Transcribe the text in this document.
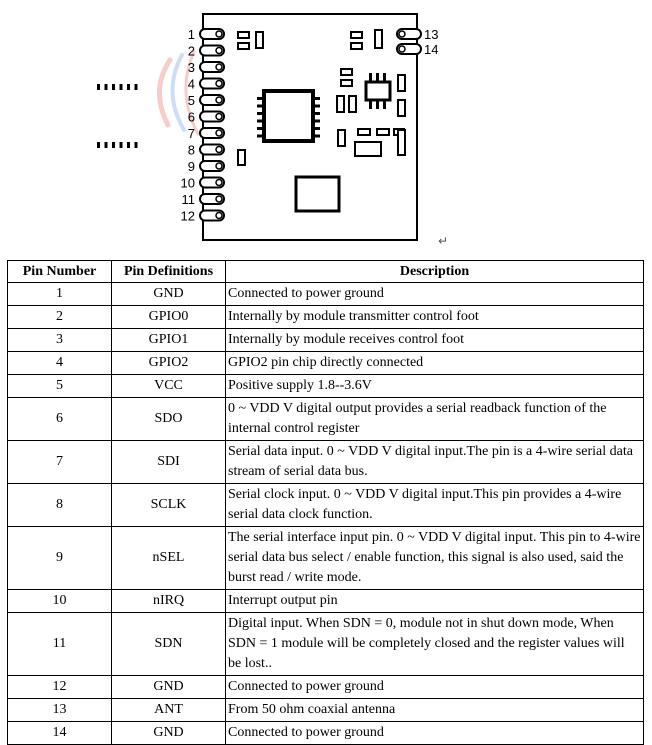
1
2
3
4
5
6
7
8
9
10
11
12
13
14
↵
Pin Number	Pin Definitions	Description
1	GND	Connected to power ground
2	GPIO0	Internally by module transmitter control foot
3	GPIO1	Internally by module receives control foot
4	GPIO2	GPIO2 pin chip directly connected
5	VCC	Positive supply 1.8--3.6V
6	SDO	0 ~ VDD V digital output provides a serial readback function of the internal control register
7	SDI	Serial data input. 0 ~ VDD V digital input.The pin is a 4-wire serial data stream of serial data bus.
8	SCLK	Serial clock input. 0 ~ VDD V digital input.This pin provides a 4-wire serial data clock function.
9	nSEL	The serial interface input pin. 0 ~ VDD V digital input. This pin to 4-wire serial data bus select / enable function, this signal is also used, said the burst read / write mode.
10	nIRQ	Interrupt output pin
11	SDN	Digital input. When SDN = 0, module not in shut down mode, When SDN = 1 module will be completely closed and the register values will be lost..
12	GND	Connected to power ground
13	ANT	From 50 ohm coaxial antenna
14	GND	Connected to power ground
